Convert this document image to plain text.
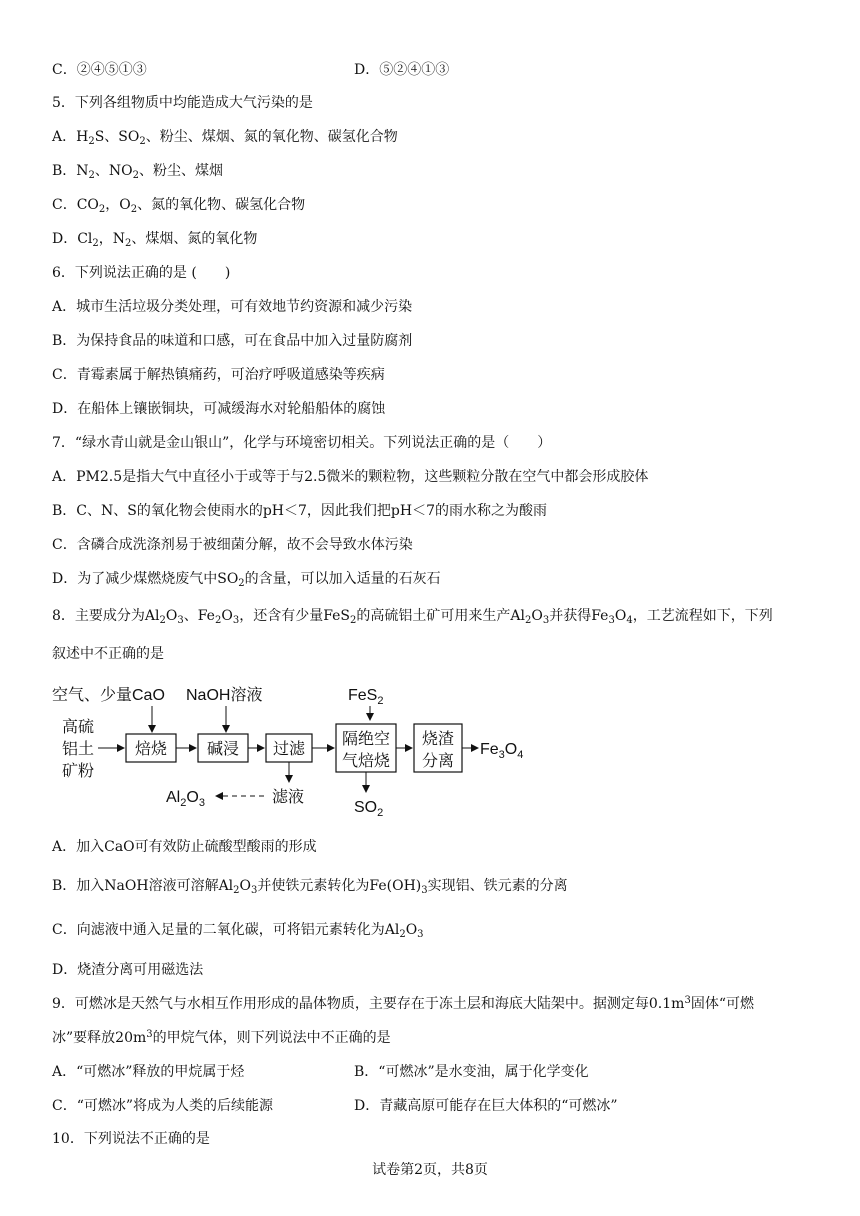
C．②④⑤①③	D．⑤②④①③
5．下列各组物质中均能造成大气污染的是
A．$H_2S$、$SO_2$、粉尘、煤烟、氮的氧化物、碳氢化合物
B．$N_2$、$NO_2$、粉尘、煤烟
C．$CO_2$，$O_2$、氮的氧化物、碳氢化合物
D．$Cl_2$，$N_2$、煤烟、氮的氧化物
6．下列说法正确的是 (　　)
A．城市生活垃圾分类处理，可有效地节约资源和减少污染
B．为保持食品的味道和口感，可在食品中加入过量防腐剂
C．青霉素属于解热镇痛药，可治疗呼吸道感染等疾病
D．在船体上镶嵌铜块，可减缓海水对轮船船体的腐蚀
7．“绿水青山就是金山银山”，化学与环境密切相关。下列说法正确的是（　　）
A．PM2.5是指大气中直径小于或等于与2.5微米的颗粒物，这些颗粒分散在空气中都会形成胶体
B．C、N、S的氧化物会使雨水的pH＜7，因此我们把pH＜7的雨水称之为酸雨
C．含磷合成洗涤剂易于被细菌分解，故不会导致水体污染
D．为了减少煤燃烧废气中$SO_2$的含量，可以加入适量的石灰石
8．主要成分为$Al_2O_3$、$Fe_2O_3$，还含有少量FeS$_2$的高硫铝土矿可用来生产$Al_2O_3$并获得$Fe_3O_4$，工艺流程如下，下列
叙述中不正确的是
空气、少量CaO NaOH溶液	FeS$_2$
高硫
铝土
矿粉
焙烧 碱浸 过滤
隔绝空
气焙烧
烧渣
分离
$Fe_3O_4$
滤液
$Al_2O_3$	$SO_2$
A．加入CaO可有效防止硫酸型酸雨的形成
B．加入NaOH溶液可溶解$Al_2O_3$并使铁元素转化为$Fe(OH)_3$实现铝、铁元素的分离
C．向滤液中通入足量的二氧化碳，可将铝元素转化为$Al_2O_3$
D．烧渣分离可用磁选法
9．可燃冰是天然气与水相互作用形成的晶体物质，主要存在于冻土层和海底大陆架中。据测定每$0.1m^3$固体“可燃
冰”要释放$20m^3$的甲烷气体，则下列说法中不正确的是
A．“可燃冰”释放的甲烷属于烃	B．“可燃冰”是水变油，属于化学变化
C．“可燃冰”将成为人类的后续能源	D．青藏高原可能存在巨大体积的“可燃冰”
10．下列说法不正确的是
试卷第2页，共8页
